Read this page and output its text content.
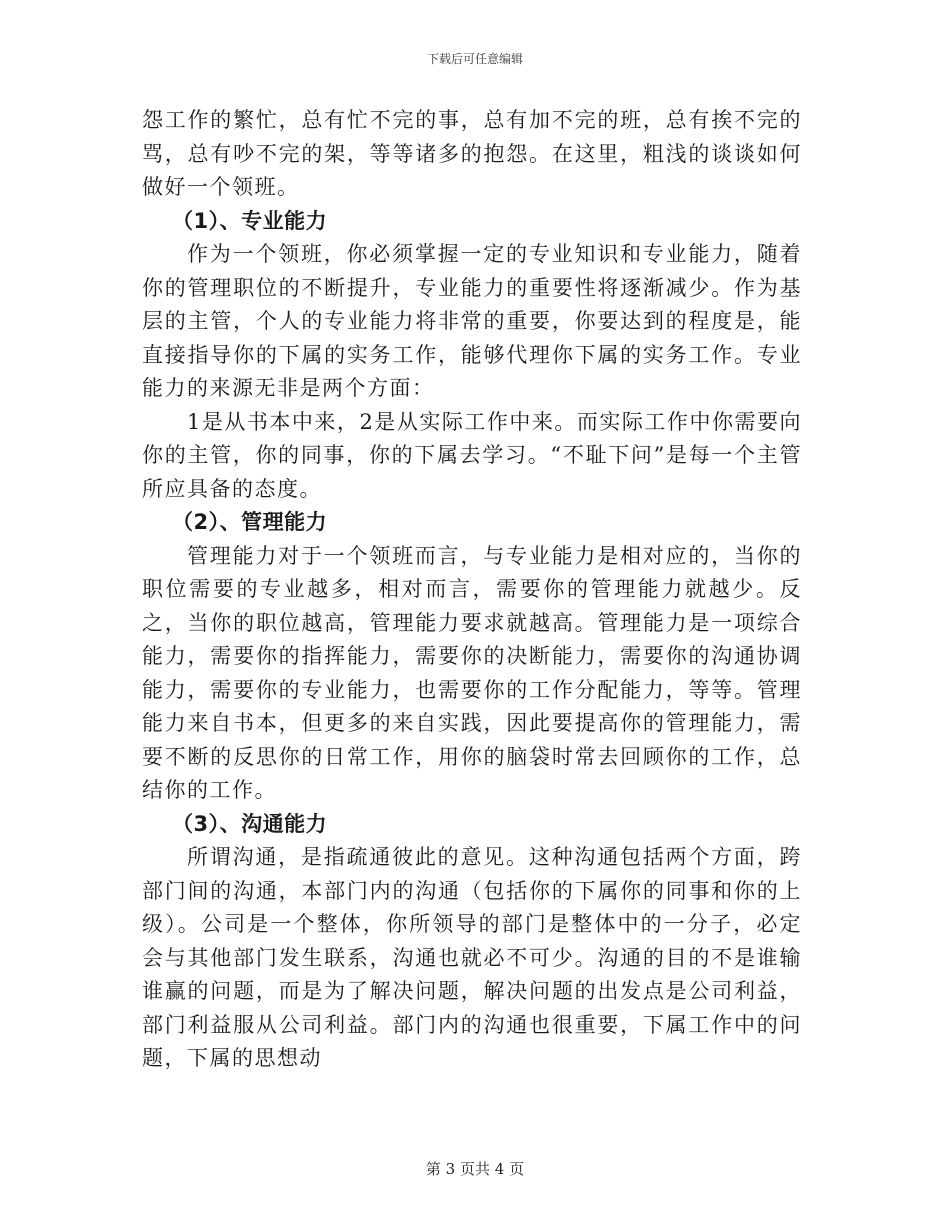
下载后可任意编辑

怨工作的繁忙，总有忙不完的事，总有加不完的班，总有挨不完的骂，总有吵不完的架，等等诸多的抱怨。在这里，粗浅的谈谈如何做好一个领班。

（1）、专业能力

作为一个领班，你必须掌握一定的专业知识和专业能力，随着你的管理职位的不断提升，专业能力的重要性将逐渐减少。作为基层的主管，个人的专业能力将非常的重要，你要达到的程度是，能直接指导你的下属的实务工作，能够代理你下属的实务工作。专业能力的来源无非是两个方面：

1是从书本中来，2是从实际工作中来。而实际工作中你需要向你的主管，你的同事，你的下属去学习。“不耻下问”是每一个主管所应具备的态度。

（2）、管理能力

管理能力对于一个领班而言，与专业能力是相对应的，当你的职位需要的专业越多，相对而言，需要你的管理能力就越少。反之，当你的职位越高，管理能力要求就越高。管理能力是一项综合能力，需要你的指挥能力，需要你的决断能力，需要你的沟通协调能力，需要你的专业能力，也需要你的工作分配能力，等等。管理能力来自书本，但更多的来自实践，因此要提高你的管理能力，需要不断的反思你的日常工作，用你的脑袋时常去回顾你的工作，总结你的工作。

（3）、沟通能力

所谓沟通，是指疏通彼此的意见。这种沟通包括两个方面，跨部门间的沟通，本部门内的沟通（包括你的下属你的同事和你的上级）。公司是一个整体，你所领导的部门是整体中的一分子，必定会与其他部门发生联系，沟通也就必不可少。沟通的目的不是谁输谁赢的问题，而是为了解决问题，解决问题的出发点是公司利益，部门利益服从公司利益。部门内的沟通也很重要，下属工作中的问题，下属的思想动

第 3 页共 4 页
